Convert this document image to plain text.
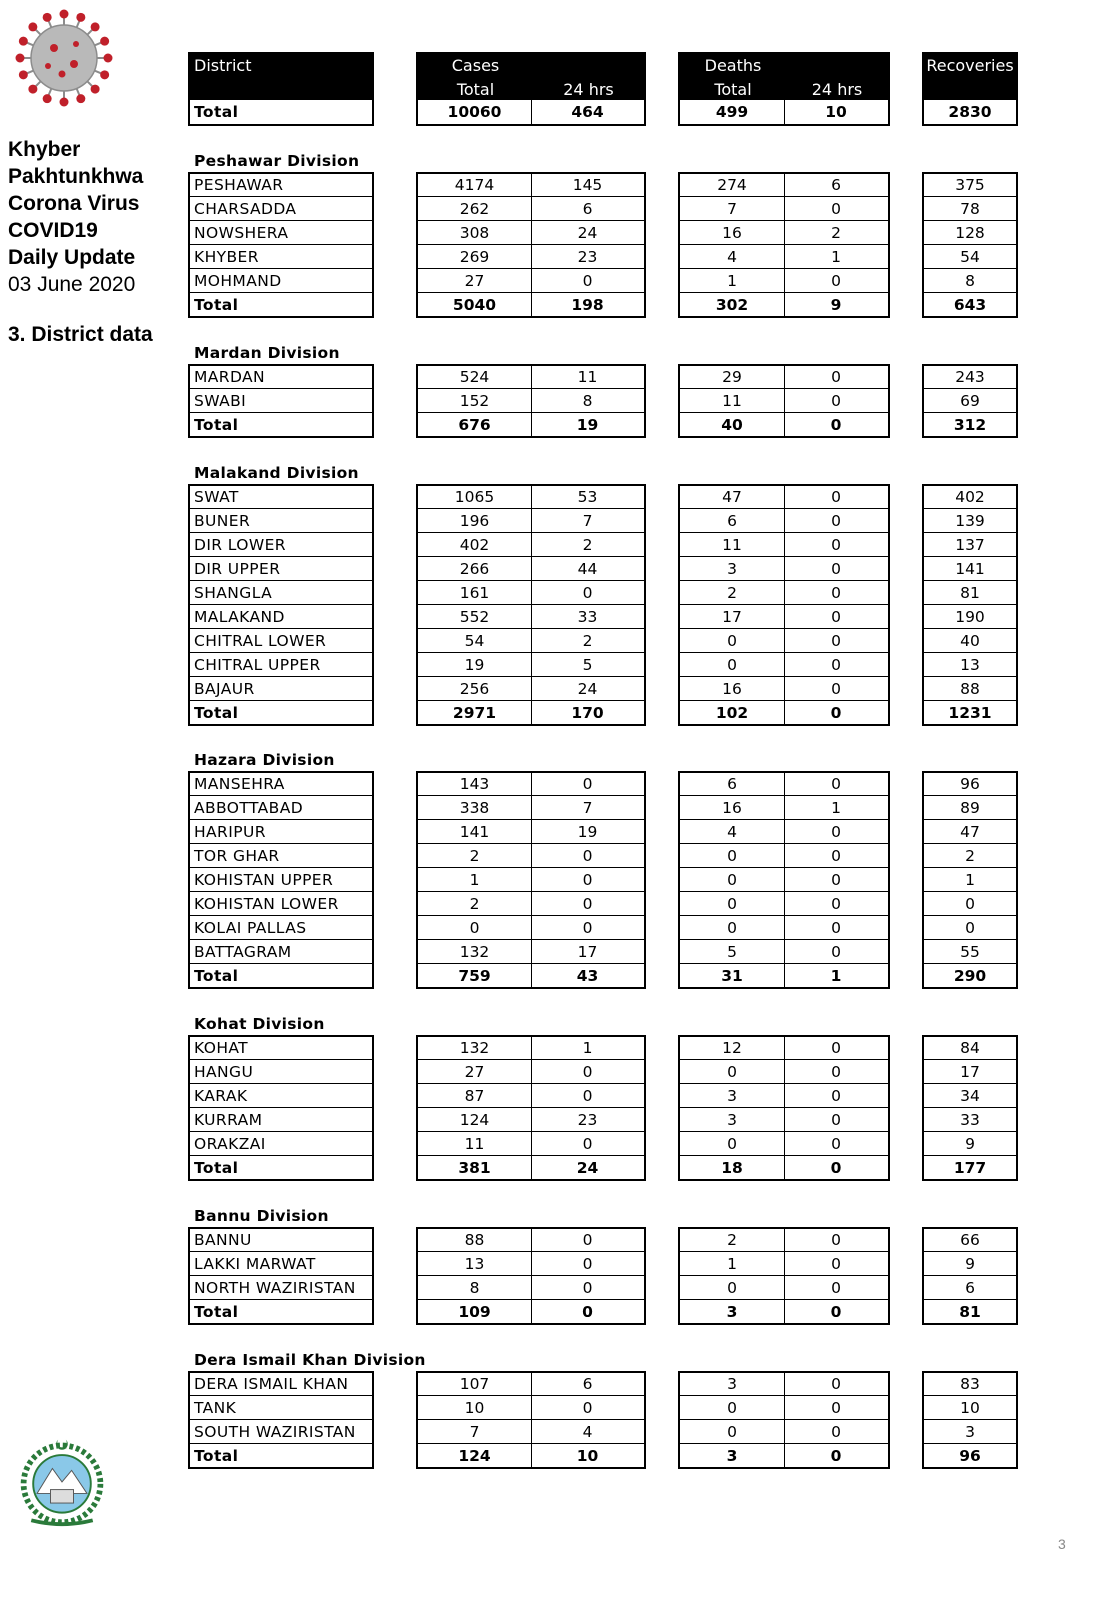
Khyber
Pakhtunkhwa
Corona Virus
COVID19
Daily Update
03 June 2020
3. District data
3
District	Cases
Total	24 hrs
Deaths
Total	24 hrs
Recoveries
Total	10060	464	499	10	2830
Peshawar Division
PESHAWAR	4174	145	274	6	375
CHARSADDA	262	6	7	0	78
NOWSHERA	308	24	16	2	128
KHYBER	269	23	4	1	54
MOHMAND	27	0	1	0	8
Total	5040	198	302	9	643
Mardan Division
MARDAN	524	11	29	0	243
SWABI	152	8	11	0	69
Total	676	19	40	0	312
Malakand Division
SWAT	1065	53	47	0	402
BUNER	196	7	6	0	139
DIR LOWER	402	2	11	0	137
DIR UPPER	266	44	3	0	141
SHANGLA	161	0	2	0	81
MALAKAND	552	33	17	0	190
CHITRAL LOWER	54	2	0	0	40
CHITRAL UPPER	19	5	0	0	13
BAJAUR	256	24	16	0	88
Total	2971	170	102	0	1231
Hazara Division
MANSEHRA	143	0	6	0	96
ABBOTTABAD	338	7	16	1	89
HARIPUR	141	19	4	0	47
TOR GHAR	2	0	0	0	2
KOHISTAN UPPER	1	0	0	0	1
KOHISTAN LOWER	2	0	0	0	0
KOLAI PALLAS	0	0	0	0	0
BATTAGRAM	132	17	5	0	55
Total	759	43	31	1	290
Kohat Division
KOHAT	132	1	12	0	84
HANGU	27	0	0	0	17
KARAK	87	0	3	0	34
KURRAM	124	23	3	0	33
ORAKZAI	11	0	0	0	9
Total	381	24	18	0	177
Bannu Division
BANNU	88	0	2	0	66
LAKKI MARWAT	13	0	1	0	9
NORTH WAZIRISTAN	8	0	0	0	6
Total	109	0	3	0	81
Dera Ismail Khan Division
DERA ISMAIL KHAN	107	6	3	0	83
TANK	10	0	0	0	10
SOUTH WAZIRISTAN	7	4	0	0	3
Total	124	10	3	0	96
